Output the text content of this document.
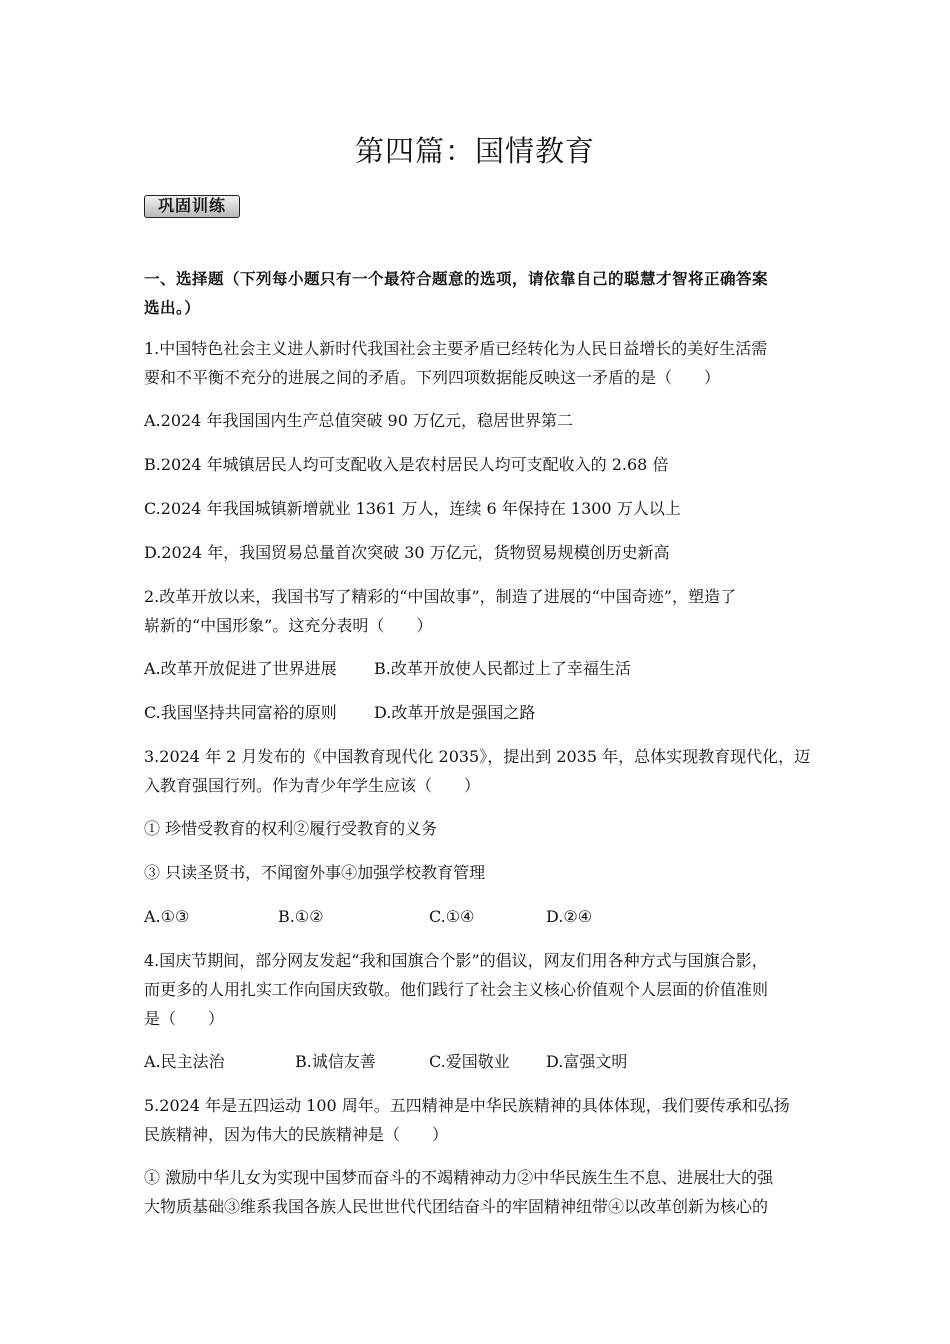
第四篇：国情教育
巩固训练
一、选择题（下列每小题只有一个最符合题意的选项，请依靠自己的聪慧才智将正确答案
选出。）
1.中国特色社会主义进人新时代我国社会主要矛盾已经转化为人民日益增长的美好生活需
要和不平衡不充分的进展之间的矛盾。下列四项数据能反映这一矛盾的是（　　）
A.2024 年我国国内生产总值突破 90 万亿元，稳居世界第二
B.2024 年城镇居民人均可支配收入是农村居民人均可支配收入的 2.68 倍
C.2024 年我国城镇新增就业 1361 万人，连续 6 年保持在 1300 万人以上
D.2024 年，我国贸易总量首次突破 30 万亿元，货物贸易规模创历史新高
2.改革开放以来，我国书写了精彩的“中国故事”，制造了进展的“中国奇迹”，塑造了
崭新的“中国形象”。这充分表明（　　）
A.改革开放促进了世界进展 B.改革开放使人民都过上了幸福生活
C.我国坚持共同富裕的原则 D.改革开放是强国之路
3.2024 年 2 月发布的《中国教育现代化 2035》，提出到 2035 年，总体实现教育现代化，迈
入教育强国行列。作为青少年学生应该（　　）
① 珍惜受教育的权利②履行受教育的义务
③ 只读圣贤书，不闻窗外事④加强学校教育管理
A.①③	B.①②	C.①④	D.②④
4.国庆节期间，部分网友发起“我和国旗合个影”的倡议，网友们用各种方式与国旗合影，
而更多的人用扎实工作向国庆致敬。他们践行了社会主义核心价值观个人层面的价值准则
是（　　）
A.民主法治	B.诚信友善	C.爱国敬业 D.富强文明
5.2024 年是五四运动 100 周年。五四精神是中华民族精神的具体体现，我们要传承和弘扬
民族精神，因为伟大的民族精神是（　　）
① 激励中华儿女为实现中国梦而奋斗的不竭精神动力②中华民族生生不息、进展壮大的强
大物质基础③维系我国各族人民世世代代团结奋斗的牢固精神纽带④以改革创新为核心的
